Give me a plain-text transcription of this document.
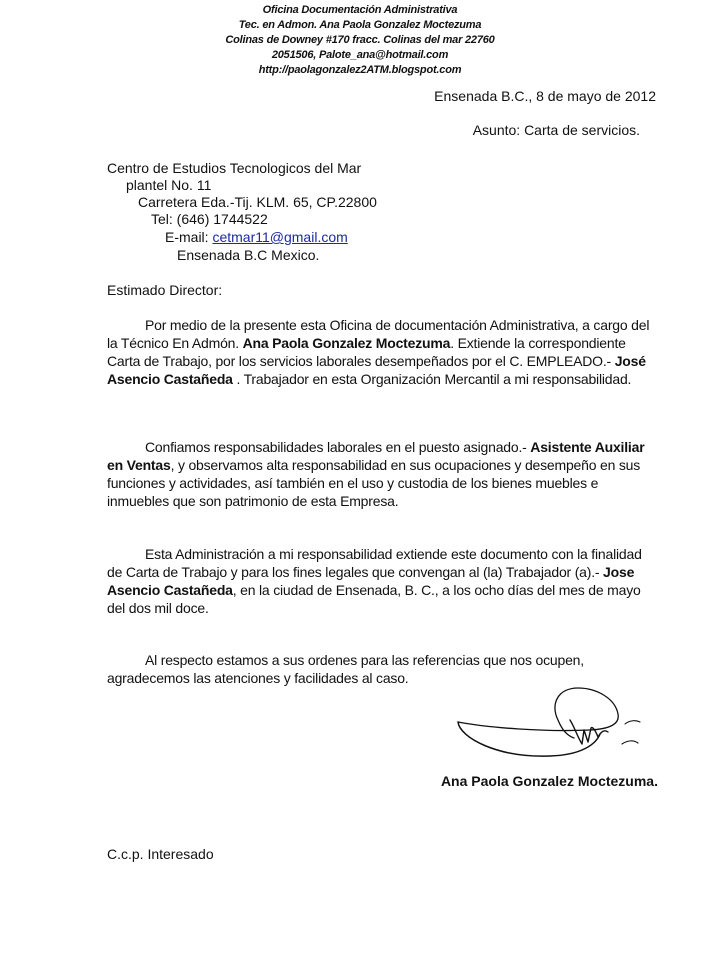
Oficina Documentación Administrativa
Tec. en Admon. Ana Paola Gonzalez Moctezuma
Colinas de Downey #170 fracc. Colinas del mar 22760
2051506, Palote_ana@hotmail.com
http://paolagonzalez2ATM.blogspot.com
Ensenada B.C., 8 de mayo de 2012
Asunto: Carta de servicios.
Centro de Estudios Tecnologicos del Mar
plantel No. 11
Carretera Eda.-Tij. KLM. 65, CP.22800
Tel: (646) 1744522
E-mail: cetmar11@gmail.com
Ensenada B.C Mexico.
Estimado Director:

Por medio de la presente esta Oficina de documentación Administrativa, a cargo del la Técnico En Admón. Ana Paola Gonzalez Moctezuma. Extiende la correspondiente Carta de Trabajo, por los servicios laborales desempeñados por el C. EMPLEADO.- José Asencio Castañeda . Trabajador en esta Organización Mercantil a mi responsabilidad.

Confiamos responsabilidades laborales en el puesto asignado.- Asistente Auxiliar en Ventas, y observamos alta responsabilidad en sus ocupaciones y desempeño en sus funciones y actividades, así también en el uso y custodia de los bienes muebles e inmuebles que son patrimonio de esta Empresa.

Esta Administración a mi responsabilidad extiende este documento con la finalidad de Carta de Trabajo y para los fines legales que convengan al (la) Trabajador (a).- Jose Asencio Castañeda, en la ciudad de Ensenada, B. C., a los ocho días del mes de mayo del dos mil doce.

Al respecto estamos a sus ordenes para las referencias que nos ocupen, agradecemos las atenciones y facilidades al caso.

Ana Paola Gonzalez Moctezuma.
C.c.p. Interesado
